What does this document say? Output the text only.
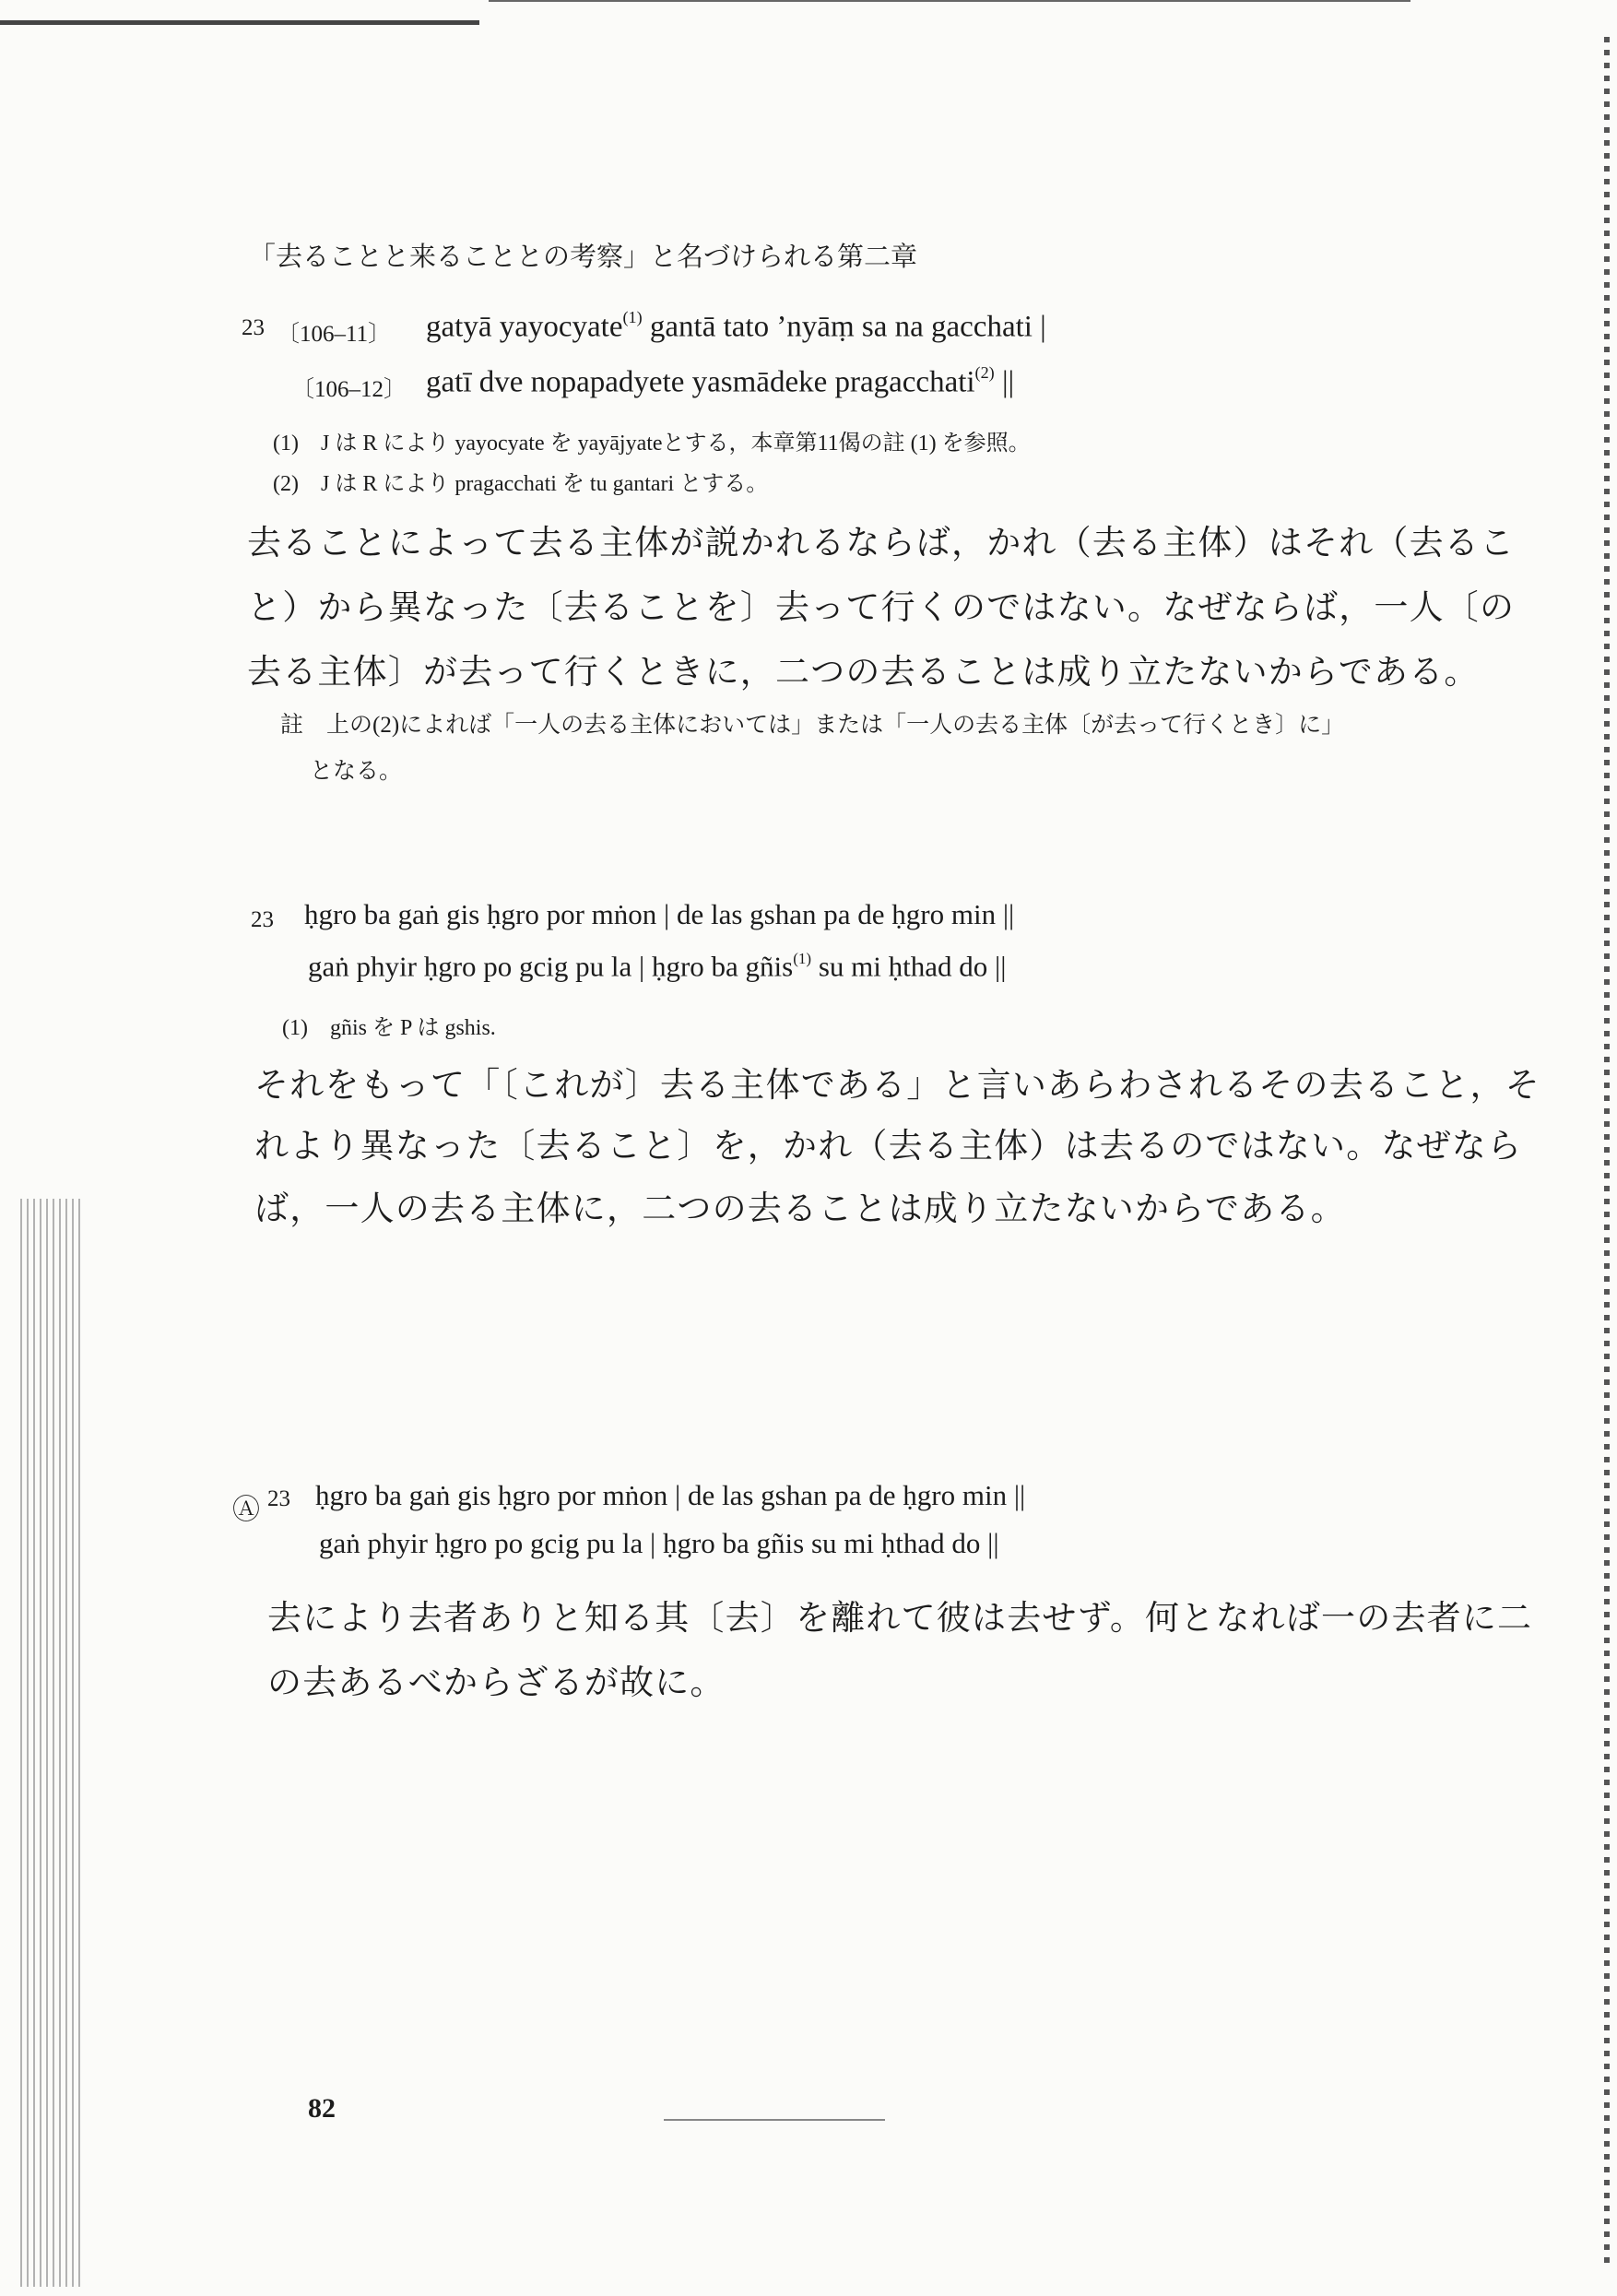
「去ることと来ることとの考察」と名づけられる第二章
23 〔106–11〕 gatyā yayocyate$^{(1)}$ gantā tato ’nyāṃ sa na gacchati |
〔106–12〕 gatī dve nopapadyete yasmādeke pragacchati$^{(2)}$ ||
(1)　J は R により yayocyate を yayājyateとする，本章第11偈の註 (1) を参照。
(2)　J は R により pragacchati を tu gantari とする。
去ることによって去る主体が説かれるならば，かれ（去る主体）はそれ（去るこ
と）から異なった〔去ることを〕去って行くのではない。なぜならば，一人〔の
去る主体〕が去って行くときに，二つの去ることは成り立たないからである。
註　上の(2)によれば「一人の去る主体においては」または「一人の去る主体〔が去って行くとき〕に」
となる。
23 ḥgro ba gaṅ gis ḥgro por mṅon | de las gshan pa de ḥgro min ||
gaṅ phyir ḥgro po gcig pu la | ḥgro ba gñis$^{(1)}$ su mi ḥthad do ||
(1)　gñis を P は gshis.
それをもって「〔これが〕去る主体である」と言いあらわされるその去ること，そ
れより異なった〔去ること〕を，かれ（去る主体）は去るのではない。なぜなら
ば，一人の去る主体に，二つの去ることは成り立たないからである。
Ⓐ 23 ḥgro ba gaṅ gis ḥgro por mṅon | de las gshan pa de ḥgro min ||
gaṅ phyir ḥgro po gcig pu la | ḥgro ba gñis su mi ḥthad do ||
去により去者ありと知る其〔去〕を離れて彼は去せず。何となれば一の去者に二
の去あるべからざるが故に。
82
